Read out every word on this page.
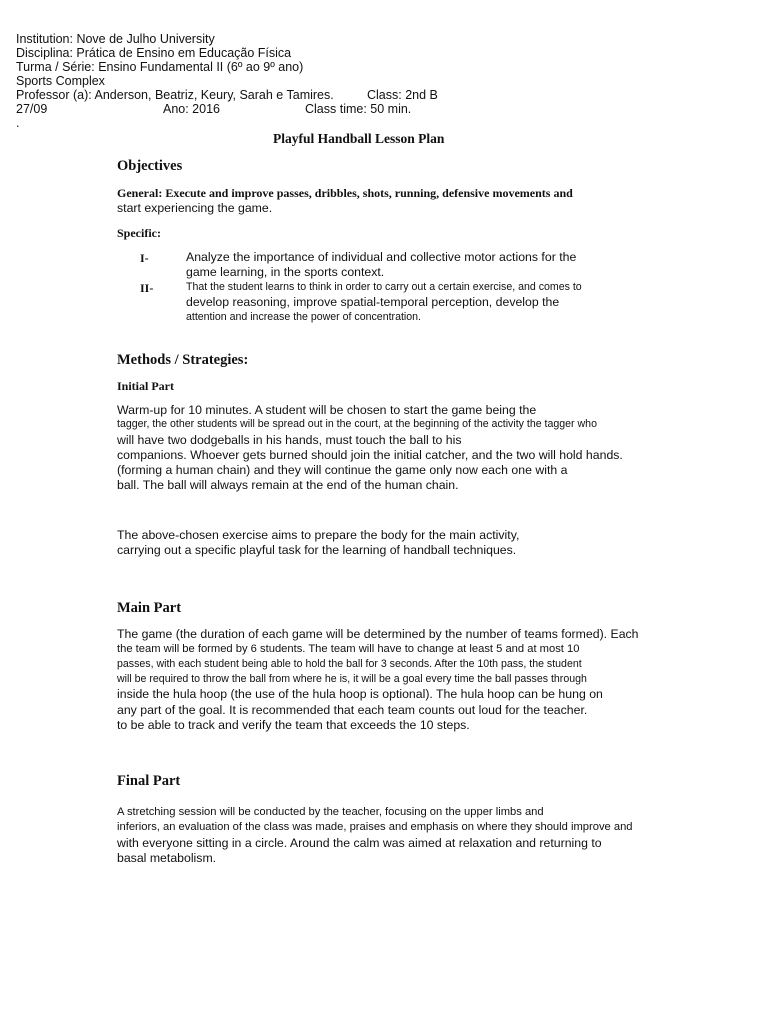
Institution: Nove de Julho University
Disciplina: Prática de Ensino em Educação Física
Turma / Série: Ensino Fundamental II (6º ao 9º ano)
Sports Complex
Professor (a): Anderson, Beatriz, Keury, Sarah e Tamires.	Class: 2nd B
27/09	Ano: 2016	Class time: 50 min.
.
Playful Handball Lesson Plan
Objectives
General: Execute and improve passes, dribbles, shots, running, defensive movements and
start experiencing the game.
Specific:
I-	Analyze the importance of individual and collective motor actions for the
game learning, in the sports context.
II-	That the student learns to think in order to carry out a certain exercise, and comes to
develop reasoning, improve spatial-temporal perception, develop the
attention and increase the power of concentration.
Methods / Strategies:
Initial Part
Warm-up for 10 minutes. A student will be chosen to start the game being the
tagger, the other students will be spread out in the court, at the beginning of the activity the tagger who
will have two dodgeballs in his hands, must touch the ball to his
companions. Whoever gets burned should join the initial catcher, and the two will hold hands.
(forming a human chain) and they will continue the game only now each one with a
ball. The ball will always remain at the end of the human chain.
The above-chosen exercise aims to prepare the body for the main activity,
carrying out a specific playful task for the learning of handball techniques.
Main Part
The game (the duration of each game will be determined by the number of teams formed). Each
the team will be formed by 6 students. The team will have to change at least 5 and at most 10
passes, with each student being able to hold the ball for 3 seconds. After the 10th pass, the student
will be required to throw the ball from where he is, it will be a goal every time the ball passes through
inside the hula hoop (the use of the hula hoop is optional). The hula hoop can be hung on
any part of the goal. It is recommended that each team counts out loud for the teacher.
to be able to track and verify the team that exceeds the 10 steps.
Final Part
A stretching session will be conducted by the teacher, focusing on the upper limbs and
inferiors, an evaluation of the class was made, praises and emphasis on where they should improve and
with everyone sitting in a circle. Around the calm was aimed at relaxation and returning to
basal metabolism.
